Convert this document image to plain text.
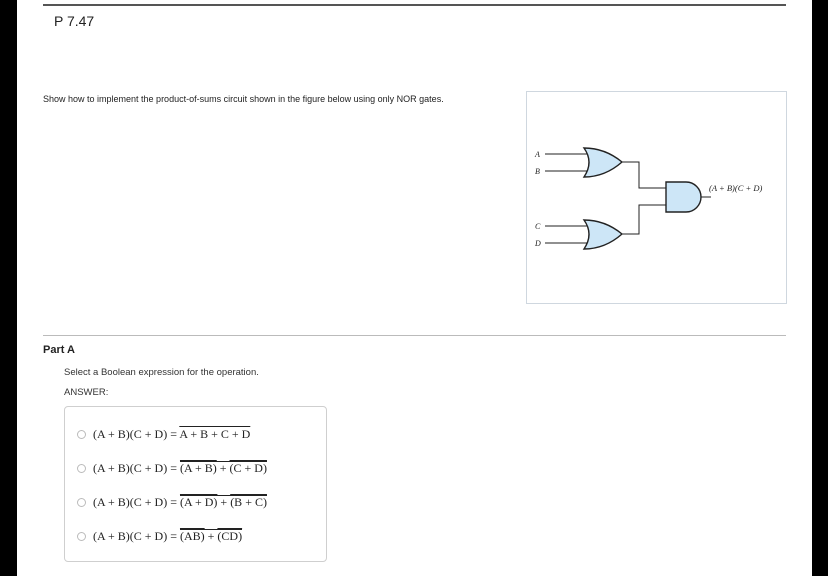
P 7.47
Show how to implement the product-of-sums circuit shown in the figure below using only NOR gates.
A
B
C
D
(A + B)(C + D)
Part A
Select a Boolean expression for the operation.
ANSWER:
(A + B)(C + D) = A + B + C + D
(A + B)(C + D) = (A + B) + (C + D)
(A + B)(C + D) = (A + D) + (B + C)
(A + B)(C + D) = (AB) + (CD)
